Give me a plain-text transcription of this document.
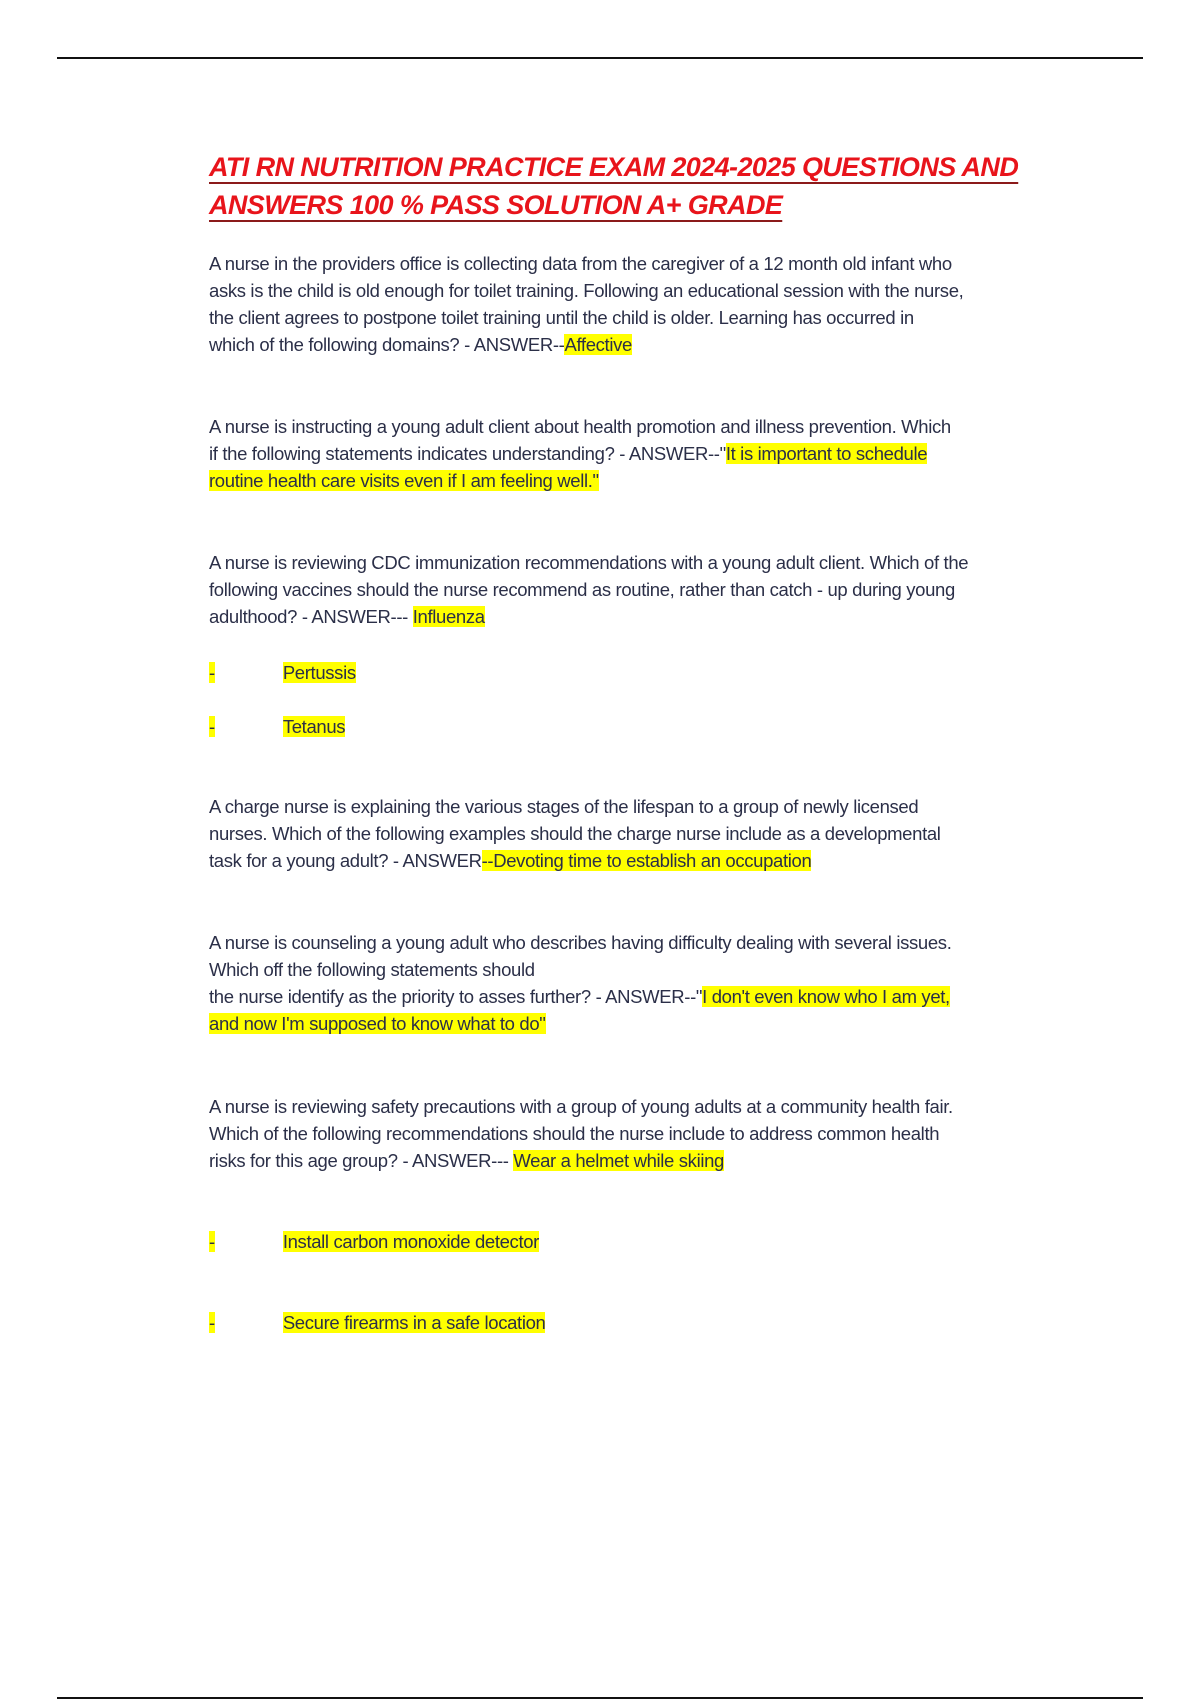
ATI RN NUTRITION PRACTICE EXAM 2024-2025 QUESTIONS AND
ANSWERS 100 % PASS SOLUTION A+ GRADE
A nurse in the providers office is collecting data from the caregiver of a 12 month old infant who
asks is the child is old enough for toilet training. Following an educational session with the nurse,
the client agrees to postpone toilet training until the child is older. Learning has occurred in
which of the following domains? - ANSWER--Affective
A nurse is instructing a young adult client about health promotion and illness prevention. Which
if the following statements indicates understanding? - ANSWER--"It is important to schedule
routine health care visits even if I am feeling well."
A nurse is reviewing CDC immunization recommendations with a young adult client. Which of the
following vaccines should the nurse recommend as routine, rather than catch - up during young
adulthood? - ANSWER--- Influenza
-	Pertussis
-	Tetanus
A charge nurse is explaining the various stages of the lifespan to a group of newly licensed
nurses. Which of the following examples should the charge nurse include as a developmental
task for a young adult? - ANSWER--Devoting time to establish an occupation
A nurse is counseling a young adult who describes having difficulty dealing with several issues.
Which off the following statements should
the nurse identify as the priority to asses further? - ANSWER--"I don't even know who I am yet,
and now I'm supposed to know what to do"
A nurse is reviewing safety precautions with a group of young adults at a community health fair.
Which of the following recommendations should the nurse include to address common health
risks for this age group? - ANSWER--- Wear a helmet while skiing
-	Install carbon monoxide detector
-	Secure firearms in a safe location
